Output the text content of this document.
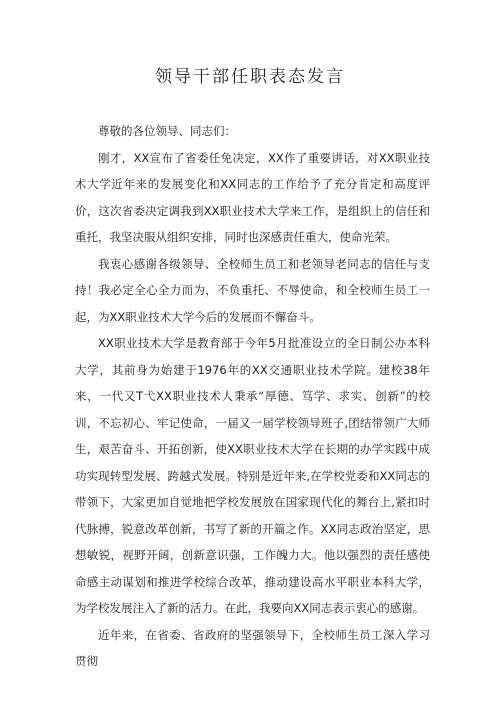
领导干部任职表态发言

尊敬的各位领导、同志们：

刚才，XX宣布了省委任免决定，XX作了重要讲话，对XX职业技术大学近年来的发展变化和XX同志的工作给予了充分肯定和高度评价，这次省委决定调我到XX职业技术大学来工作，是组织上的信任和重托，我坚决服从组织安排，同时也深感责任重大，使命光荣。

我衷心感谢各级领导、全校师生员工和老领导老同志的信任与支持！我必定全心全力而为，不负重托、不辱使命，和全校师生员工一起，为XX职业技术大学今后的发展而不懈奋斗。

XX职业技术大学是教育部于今年5月批准设立的全日制公办本科大学，其前身为始建于1976年的XX交通职业技术学院。建校38年来，一代又T弋XX职业技术人秉承“厚德、笃学、求实、创新”的校训，不忘初心、牢记使命，一届又一届学校领导班子,团结带领广大师生，艰苦奋斗、开拓创新，使XX职业技术大学在长期的办学实践中成功实现转型发展、跨越式发展。特别是近年来,在学校党委和XX同志的带领下，大家更加自觉地把学校发展放在国家现代化的舞台上,紧扣时代脉搏，锐意改革创新，书写了新的开篇之作。XX同志政治坚定，思想敏锐，视野开阔，创新意识强，工作魄力大。他以强烈的责任感使命感主动谋划和推进学校综合改革，推动建设高水平职业本科大学，为学校发展注入了新的活力。在此，我要向XX同志表示衷心的感谢。

近年来，在省委、省政府的坚强领导下，全校师生员工深入学习贯彻
